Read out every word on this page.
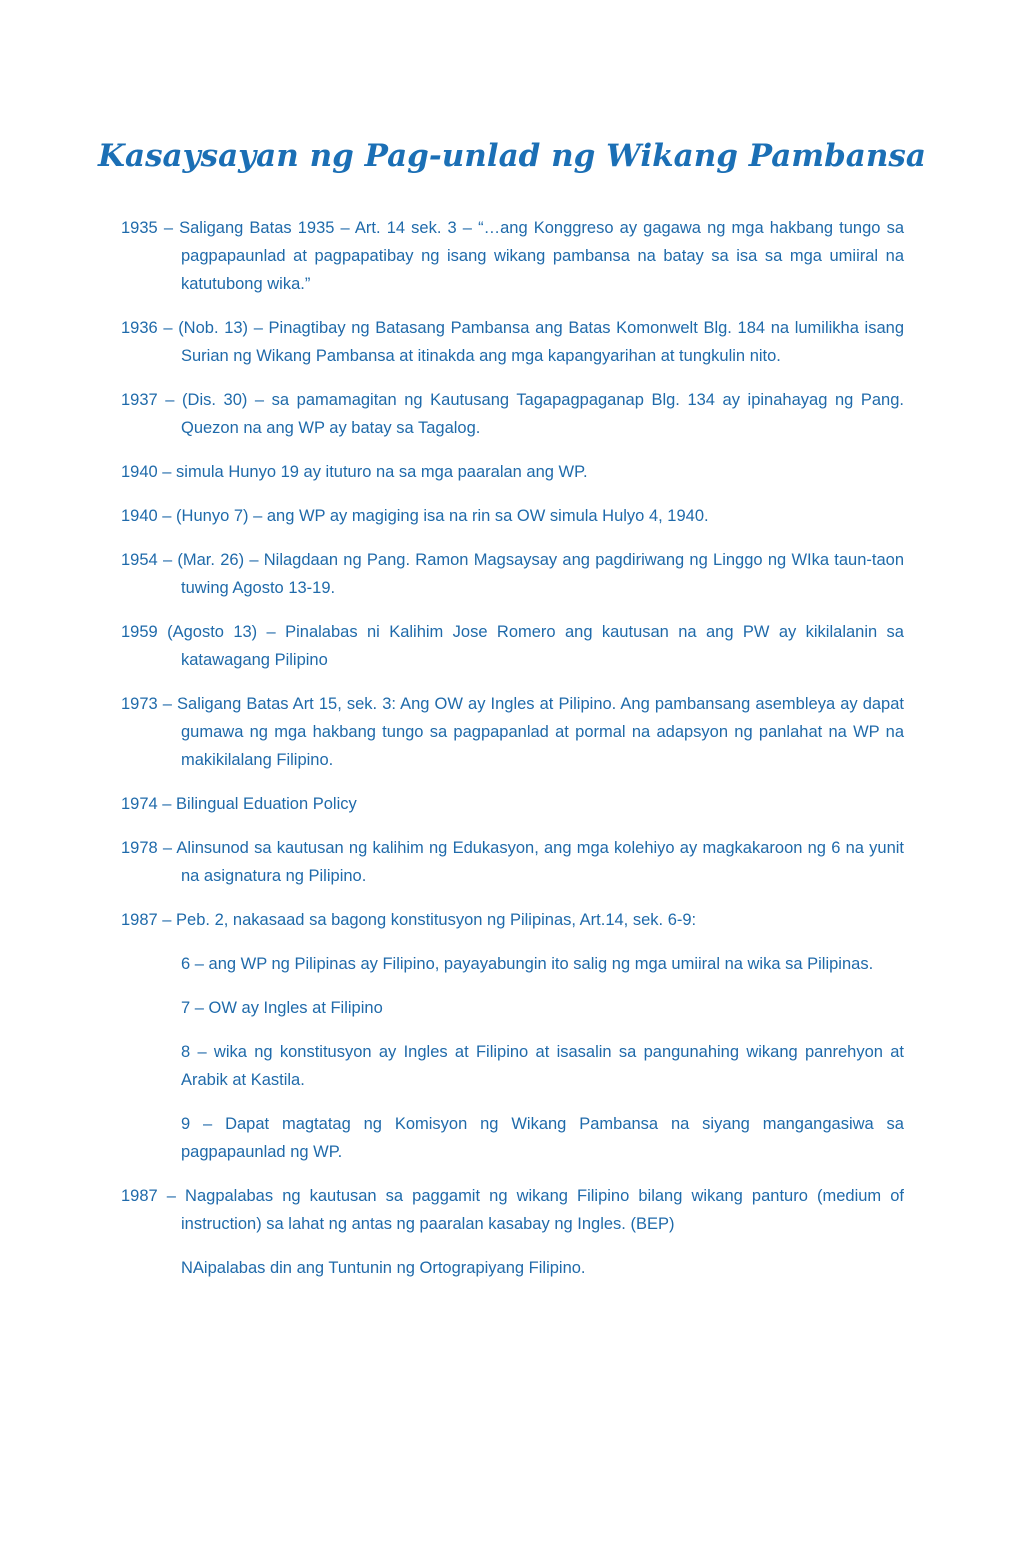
Kasaysayan ng Pag-unlad ng Wikang Pambansa

1935 – Saligang Batas 1935 – Art. 14 sek. 3 – “…ang Konggreso ay gagawa ng mga hakbang tungo sa pagpapaunlad at pagpapatibay ng isang wikang pambansa na batay sa isa sa mga umiiral na katutubong wika.”

1936 – (Nob. 13) – Pinagtibay ng Batasang Pambansa ang Batas Komonwelt Blg. 184 na lumilikha isang Surian ng Wikang Pambansa at itinakda ang mga kapangyarihan at tungkulin nito.

1937 – (Dis. 30) – sa pamamagitan ng Kautusang Tagapagpaganap Blg. 134 ay ipinahayag ng Pang. Quezon na ang WP ay batay sa Tagalog.

1940 – simula Hunyo 19 ay ituturo na sa mga paaralan ang WP.

1940 – (Hunyo 7) – ang WP ay magiging isa na rin sa OW simula Hulyo 4, 1940.

1954 – (Mar. 26) – Nilagdaan ng Pang. Ramon Magsaysay ang pagdiriwang ng Linggo ng WIka taun-taon tuwing Agosto 13-19.

1959 (Agosto 13) – Pinalabas ni Kalihim Jose Romero ang kautusan na ang PW ay kikilalanin sa katawagang Pilipino

1973 – Saligang Batas Art 15, sek. 3: Ang OW ay Ingles at Pilipino. Ang pambansang asembleya ay dapat gumawa ng mga hakbang tungo sa pagpapanlad at pormal na adapsyon ng panlahat na WP na makikilalang Filipino.

1974 – Bilingual Eduation Policy

1978 – Alinsunod sa kautusan ng kalihim ng Edukasyon, ang mga kolehiyo ay magkakaroon ng 6 na yunit na asignatura ng Pilipino.

1987 – Peb. 2, nakasaad sa bagong konstitusyon ng Pilipinas, Art.14, sek. 6-9:

6 – ang WP ng Pilipinas ay Filipino, payayabungin ito salig ng mga umiiral na wika sa Pilipinas.

7 – OW ay Ingles at Filipino

8 – wika ng konstitusyon ay Ingles at Filipino at isasalin sa pangunahing wikang panrehyon at Arabik at Kastila.

9 – Dapat magtatag ng Komisyon ng Wikang Pambansa na siyang mangangasiwa sa pagpapaunlad ng WP.

1987 – Nagpalabas ng kautusan sa paggamit ng wikang Filipino bilang wikang panturo (medium of instruction) sa lahat ng antas ng paaralan kasabay ng Ingles. (BEP)

NAipalabas din ang Tuntunin ng Ortograpiyang Filipino.
